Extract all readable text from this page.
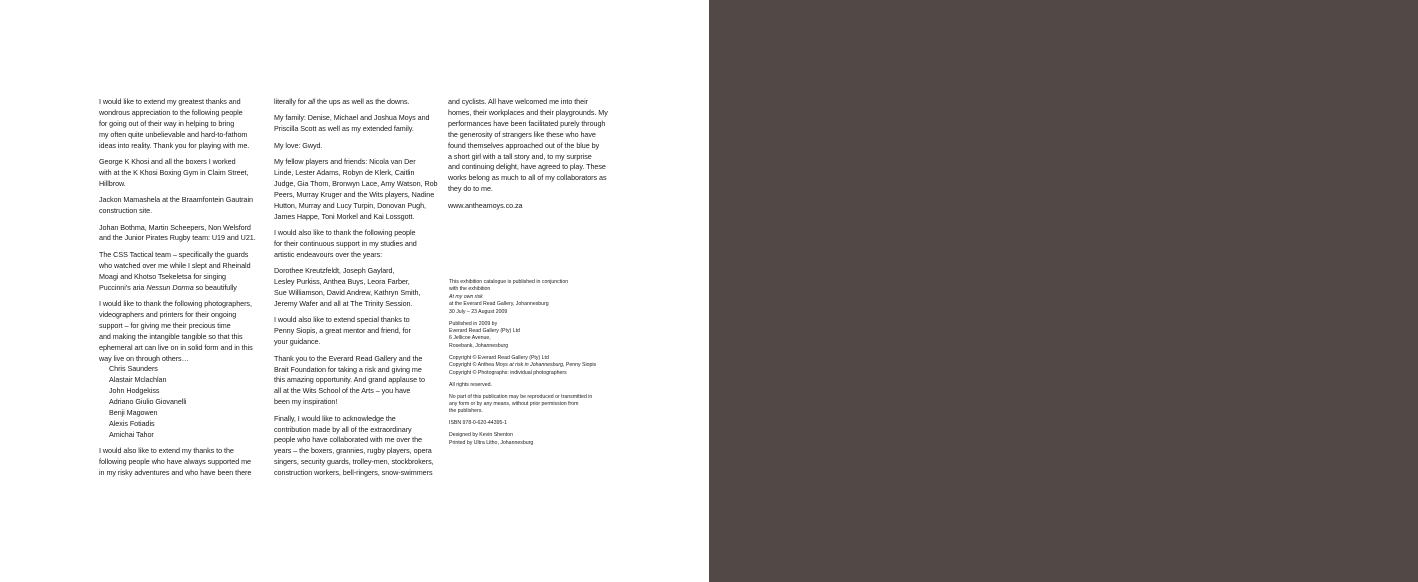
I would like to extend my greatest thanks and
wondrous appreciation to the following people
for going out of their way in helping to bring
my often quite unbelievable and hard-to-fathom
ideas into reality. Thank you for playing with me.

George K Khosi and all the boxers I worked
with at the K Khosi Boxing Gym in Claim Street,
Hillbrow.

Jackon Mamashela at the Braamfontein Gautrain
construction site.

Johan Bothma, Martin Scheepers, Non Welsford
and the Junior Pirates Rugby team: U19 and U21.

The CSS Tactical team – specifically the guards
who watched over me while I slept and Rheinald
Moagi and Khotso Tsekeletsa for singing
Puccinni's aria Nessun Dorma so beautifully

I would like to thank the following photographers,
videographers and printers for their ongoing
support – for giving me their precious time
and making the intangible tangible so that this
ephemeral art can live on in solid form and in this
way live on through others…

Chris Saunders
Alastair Mclachlan
John Hodgekiss
Adriano Giulio Giovanelli
Benji Magowen
Alexis Fotiadis
Amichai Tahor

I would also like to extend my thanks to the
following people who have always supported me
in my risky adventures and who have been there

literally for all the ups as well as the downs.

My family: Denise, Michael and Joshua Moys and
Priscilla Scott as well as my extended family.

My love: Gwyd.

My fellow players and friends: Nicola van Der
Linde, Lester Adams, Robyn de Klerk, Caitlin
Judge, Gia Thom, Bronwyn Lace, Amy Watson, Rob
Peers, Murray Kruger and the Wits players, Nadine
Hutton, Murray and Lucy Turpin, Donovan Pugh,
James Happe, Toni Morkel and Kai Lossgott.

I would also like to thank the following people
for their continuous support in my studies and
artistic endeavours over the years:

Dorothee Kreutzfeldt, Joseph Gaylard,
Lesley Purkiss, Anthea Buys, Leora Farber,
Sue Williamson, David Andrew, Kathryn Smith,
Jeremy Wafer and all at The Trinity Session.

I would also like to extend special thanks to
Penny Siopis, a great mentor and friend, for
your guidance.

Thank you to the Everard Read Gallery and the
Brait Foundation for taking a risk and giving me
this amazing opportunity. And grand applause to
all at the Wits School of the Arts – you have
been my inspiration!

Finally, I would like to acknowledge the
contribution made by all of the extraordinary
people who have collaborated with me over the
years – the boxers, grannies, rugby players, opera
singers, security guards, trolley-men, stockbrokers,
construction workers, bell-ringers, snow-swimmers

and cyclists. All have welcomed me into their
homes, their workplaces and their playgrounds. My
performances have been facilitated purely through
the generosity of strangers like these who have
found themselves approached out of the blue by
a short girl with a tall story and, to my surprise
and continuing delight, have agreed to play. These
works belong as much to all of my collaborators as
they do to me.

www.antheamoys.co.za

This exhibition catalogue is published in conjunction
with the exhibition
At my own risk
at the Everard Read Gallery, Johannesburg
30 July – 23 August 2009

Published in 2009 by
Everard Read Gallery (Pty) Ltd
6 Jellicoe Avenue,
Rosebank, Johannesburg

Copyright © Everard Read Gallery (Pty) Ltd
Copyright © Anthea Moys at risk in Johannesburg, Penny Siopis
Copyright © Photographs: individual photographers

All rights reserved.

No part of this publication may be reproduced or transmitted in
any form or by any means, without prior permission from
the publishers.

ISBN 978-0-620-44395-1

Designed by Kevin Shenton
Printed by Ultra Litho, Johannesburg
